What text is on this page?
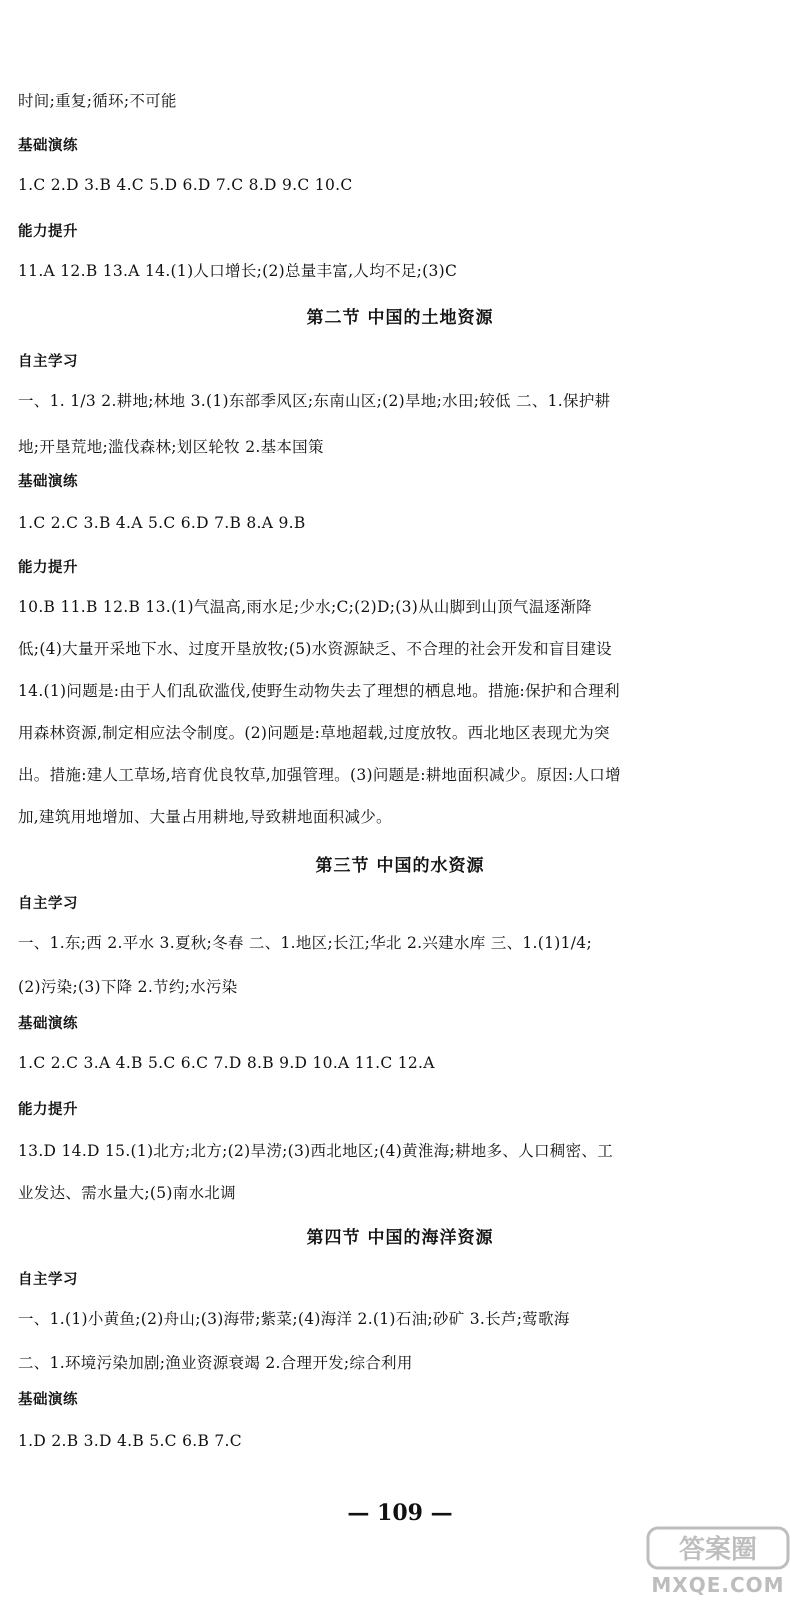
时间;重复;循环;不可能
基础演练
1.C 2.D 3.B 4.C 5.D 6.D 7.C 8.D 9.C 10.C
能力提升
11.A 12.B 13.A 14.(1)人口增长;(2)总量丰富,人均不足;(3)C
第二节 中国的土地资源
自主学习
一、1. 1/3 2.耕地;林地 3.(1)东部季风区;东南山区;(2)旱地;水田;较低 二、1.保护耕
地;开垦荒地;滥伐森林;划区轮牧 2.基本国策
基础演练
1.C 2.C 3.B 4.A 5.C 6.D 7.B 8.A 9.B
能力提升
10.B 11.B 12.B 13.(1)气温高,雨水足;少水;C;(2)D;(3)从山脚到山顶气温逐渐降
低;(4)大量开采地下水、过度开垦放牧;(5)水资源缺乏、不合理的社会开发和盲目建设
14.(1)问题是:由于人们乱砍滥伐,使野生动物失去了理想的栖息地。措施:保护和合理利
用森林资源,制定相应法令制度。(2)问题是:草地超载,过度放牧。西北地区表现尤为突
出。措施:建人工草场,培育优良牧草,加强管理。(3)问题是:耕地面积减少。原因:人口增
加,建筑用地增加、大量占用耕地,导致耕地面积减少。
第三节 中国的水资源
自主学习
一、1.东;西 2.平水 3.夏秋;冬春 二、1.地区;长江;华北 2.兴建水库 三、1.(1)1/4;
(2)污染;(3)下降 2.节约;水污染
基础演练
1.C 2.C 3.A 4.B 5.C 6.C 7.D 8.B 9.D 10.A 11.C 12.A
能力提升
13.D 14.D 15.(1)北方;北方;(2)旱涝;(3)西北地区;(4)黄淮海;耕地多、人口稠密、工
业发达、需水量大;(5)南水北调
第四节 中国的海洋资源
自主学习
一、1.(1)小黄鱼;(2)舟山;(3)海带;紫菜;(4)海洋 2.(1)石油;砂矿 3.长芦;莺歌海
二、1.环境污染加剧;渔业资源衰竭 2.合理开发;综合利用
基础演练
1.D 2.B 3.D 4.B 5.C 6.B 7.C
— 109 —
答案圈
MXQE.COM
